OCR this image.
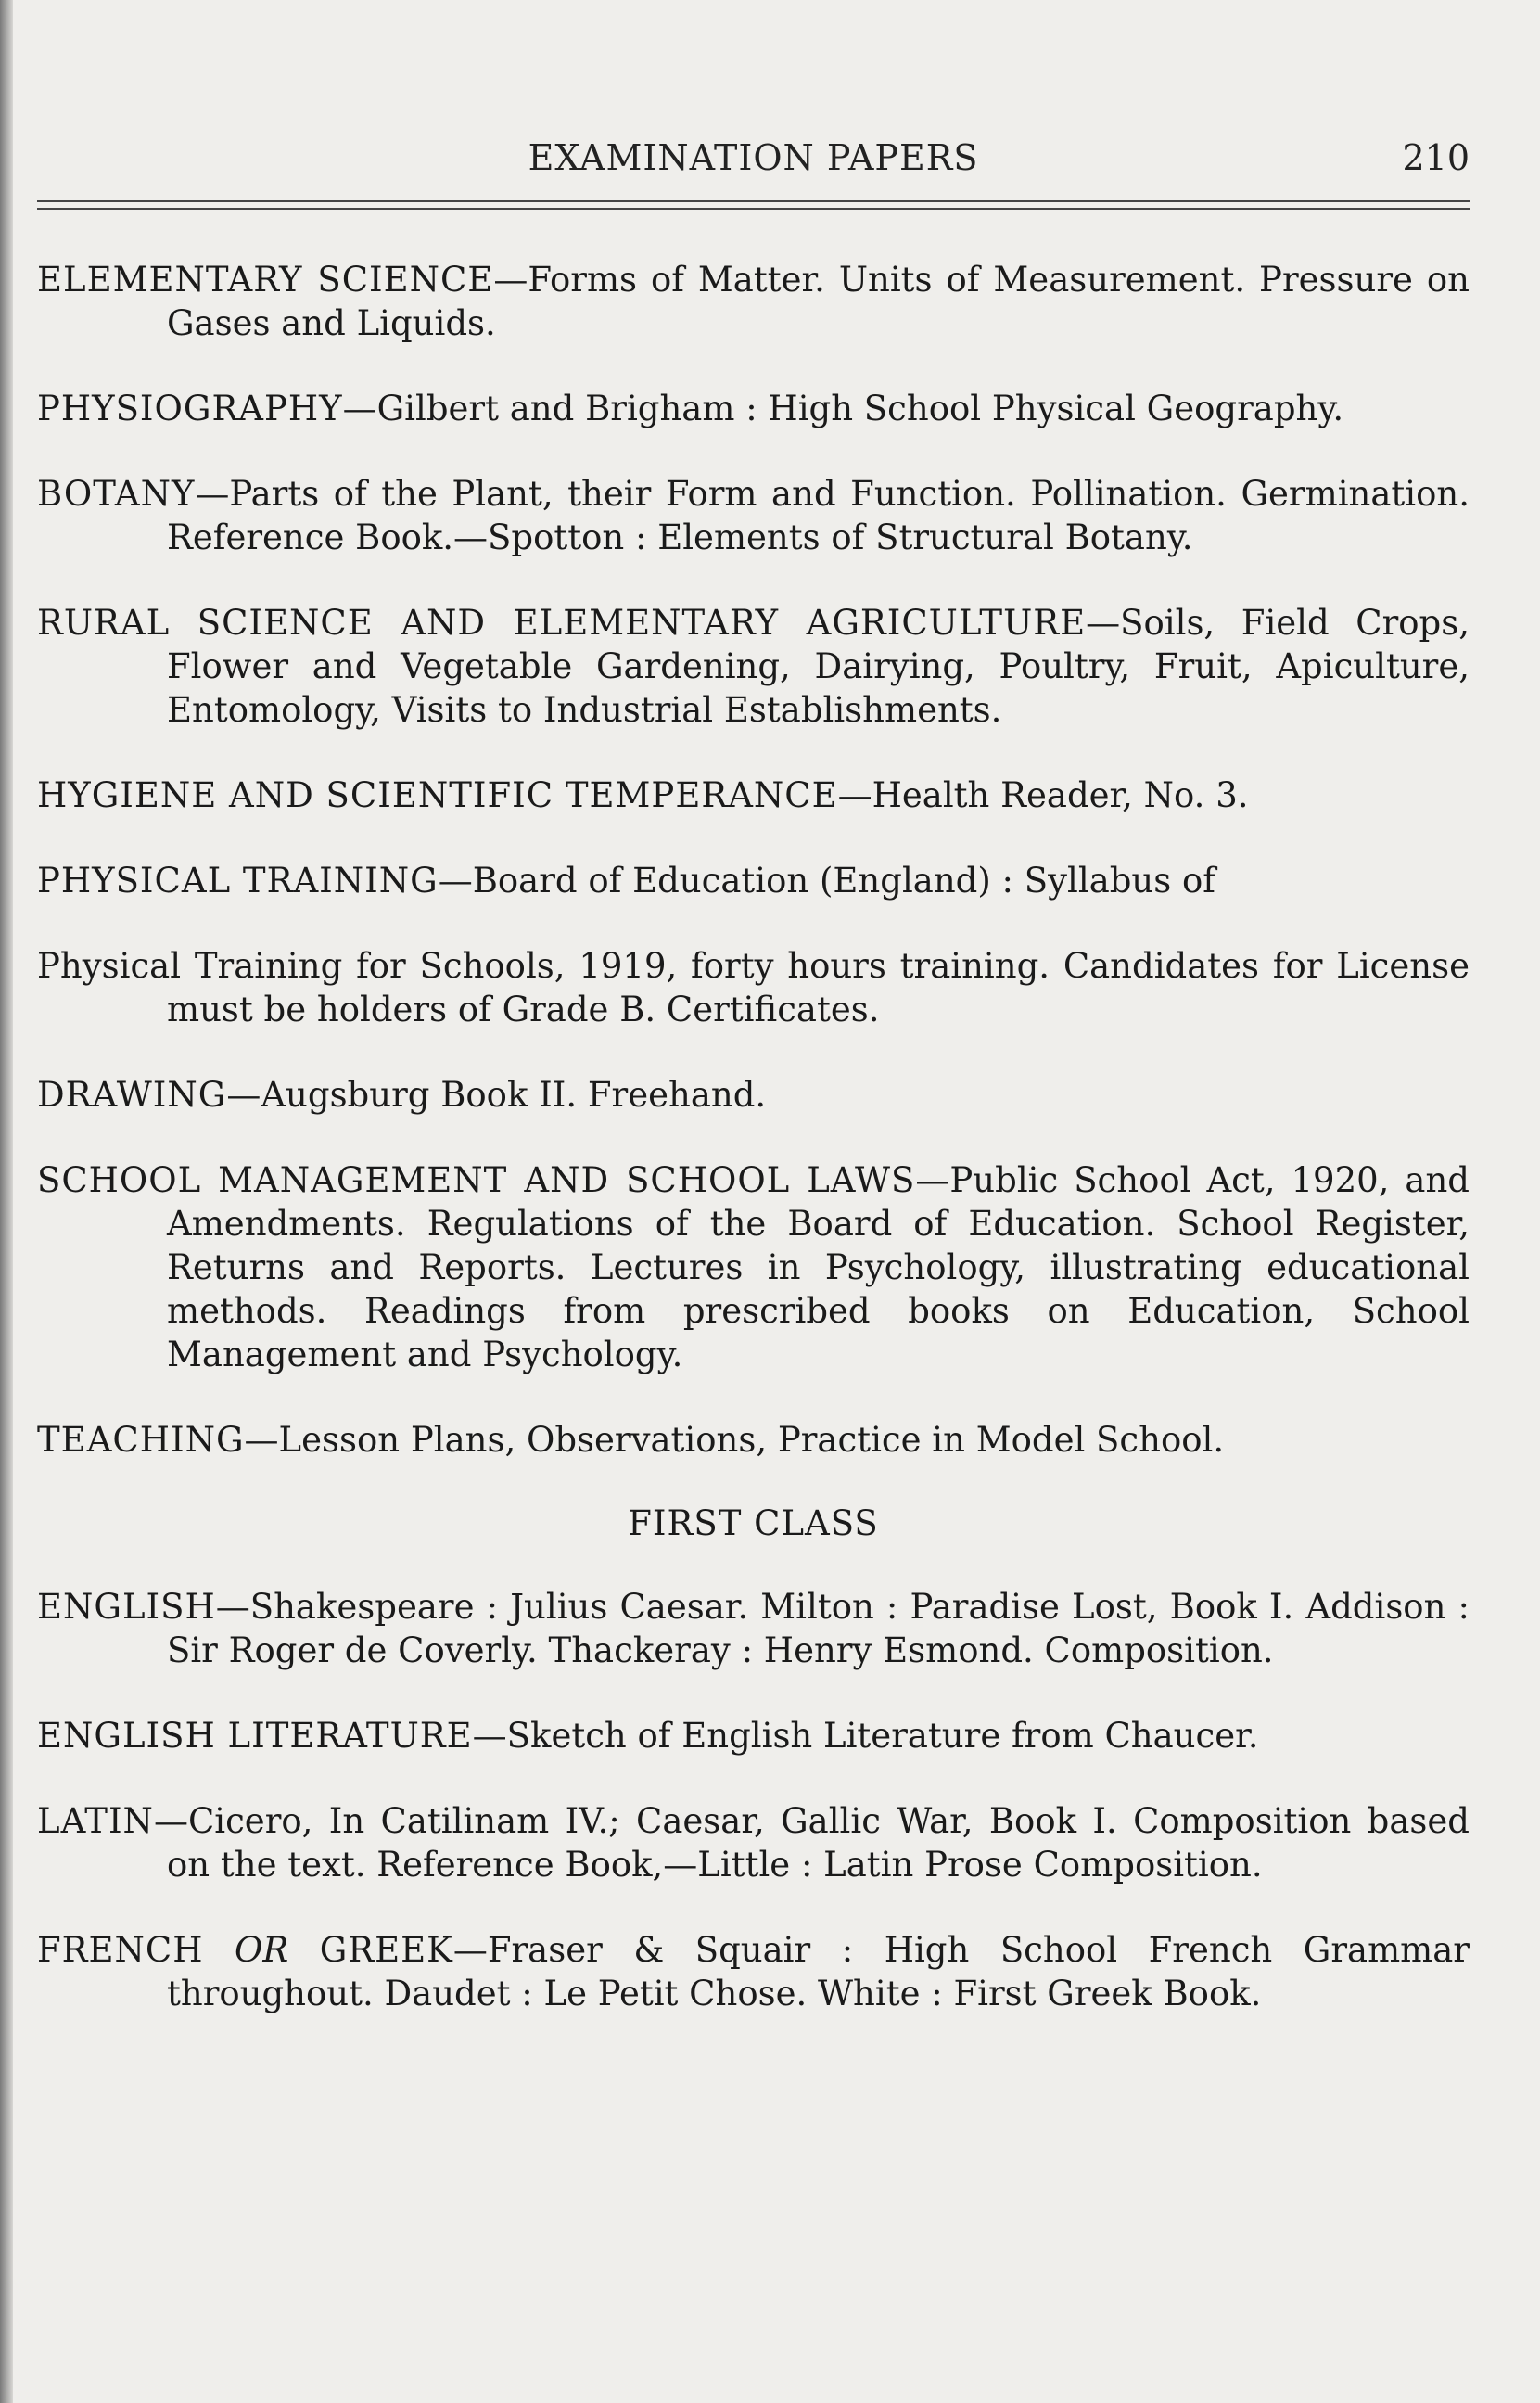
EXAMINATION PAPERS	210

ELEMENTARY SCIENCE—Forms of Matter. Units of Measurement. Pressure on Gases and Liquids.

PHYSIOGRAPHY—Gilbert and Brigham : High School Physical Geography.

BOTANY—Parts of the Plant, their Form and Function. Pollination. Germination. Reference Book.—Spotton : Elements of Structural Botany.

RURAL SCIENCE AND ELEMENTARY AGRICULTURE—Soils, Field Crops, Flower and Vegetable Gardening, Dairying, Poultry, Fruit, Apiculture, Entomology, Visits to Industrial Establishments.

HYGIENE AND SCIENTIFIC TEMPERANCE—Health Reader, No. 3.

PHYSICAL TRAINING—Board of Education (England) : Syllabus of

Physical Training for Schools, 1919, forty hours training. Candidates for License must be holders of Grade B. Certificates.

DRAWING—Augsburg Book II. Freehand.

SCHOOL MANAGEMENT AND SCHOOL LAWS—Public School Act, 1920, and Amendments. Regulations of the Board of Education. School Register, Returns and Reports. Lectures in Psychology, illustrating educational methods. Readings from prescribed books on Education, School Management and Psychology.

TEACHING—Lesson Plans, Observations, Practice in Model School.

FIRST CLASS

ENGLISH—Shakespeare : Julius Caesar. Milton : Paradise Lost, Book I. Addison : Sir Roger de Coverly. Thackeray : Henry Esmond. Composition.

ENGLISH LITERATURE—Sketch of English Literature from Chaucer.

LATIN—Cicero, In Catilinam IV.; Caesar, Gallic War, Book I. Composition based on the text. Reference Book,—Little : Latin Prose Composition.

FRENCH OR GREEK—Fraser & Squair : High School French Grammar throughout. Daudet : Le Petit Chose. White : First Greek Book.
